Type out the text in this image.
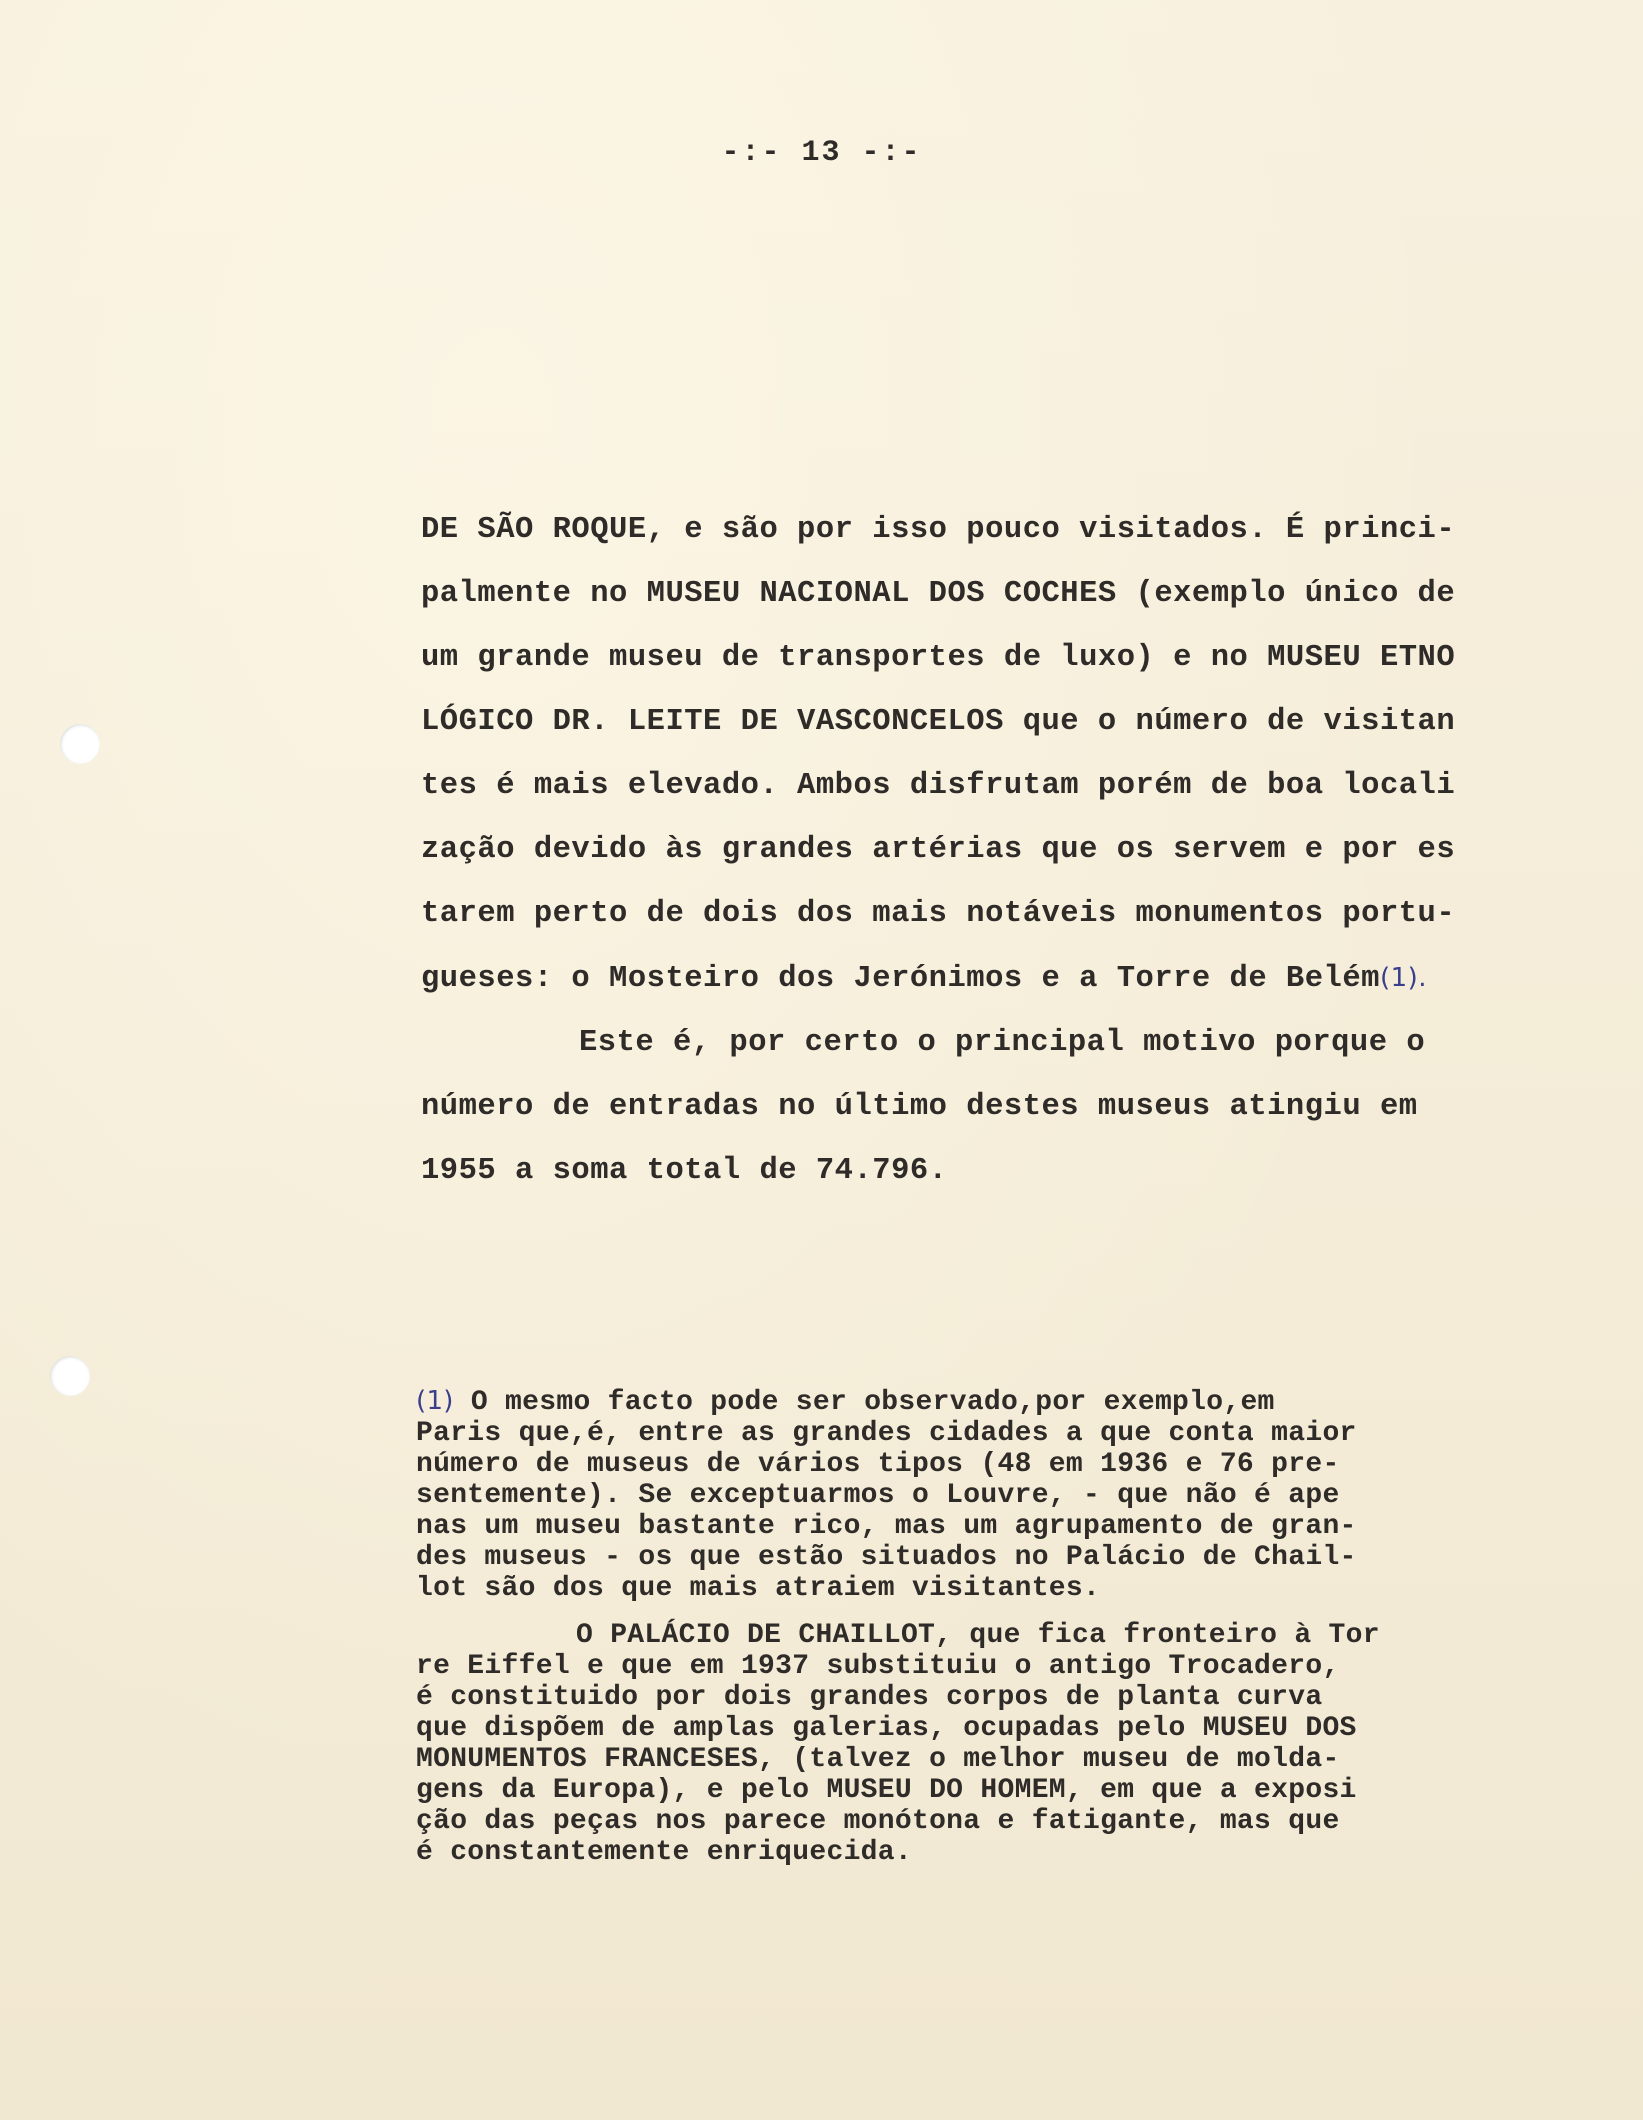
-:- 13 -:-

DE SÃO ROQUE, e são por isso pouco visitados. É princi-
palmente no MUSEU NACIONAL DOS COCHES (exemplo único de
um grande museu de transportes de luxo) e no MUSEU ETNO
LÓGICO DR. LEITE DE VASCONCELOS que o número de visitan
tes é mais elevado. Ambos disfrutam porém de boa locali
zação devido às grandes artérias que os servem e por es
tarem perto de dois dos mais notáveis monumentos portu-
gueses: o Mosteiro dos Jerónimos e a Torre de Belém(1).

Este é, por certo o principal motivo porque o
número de entradas no último destes museus atingiu em
1955 a soma total de 74.796.

(1) O mesmo facto pode ser observado,por exemplo,em
Paris que,é, entre as grandes cidades a que conta maior
número de museus de vários tipos (48 em 1936 e 76 pre-
sentemente). Se exceptuarmos o Louvre, - que não é ape
nas um museu bastante rico, mas um agrupamento de gran-
des museus - os que estão situados no Palácio de Chail-
lot são dos que mais atraiem visitantes.
O PALÁCIO DE CHAILLOT, que fica fronteiro à Tor
re Eiffel e que em 1937 substituiu o antigo Trocadero,
é constituido por dois grandes corpos de planta curva
que dispõem de amplas galerias, ocupadas pelo MUSEU DOS
MONUMENTOS FRANCESES, (talvez o melhor museu de molda-
gens da Europa), e pelo MUSEU DO HOMEM, em que a exposi
ção das peças nos parece monótona e fatigante, mas que
é constantemente enriquecida.
